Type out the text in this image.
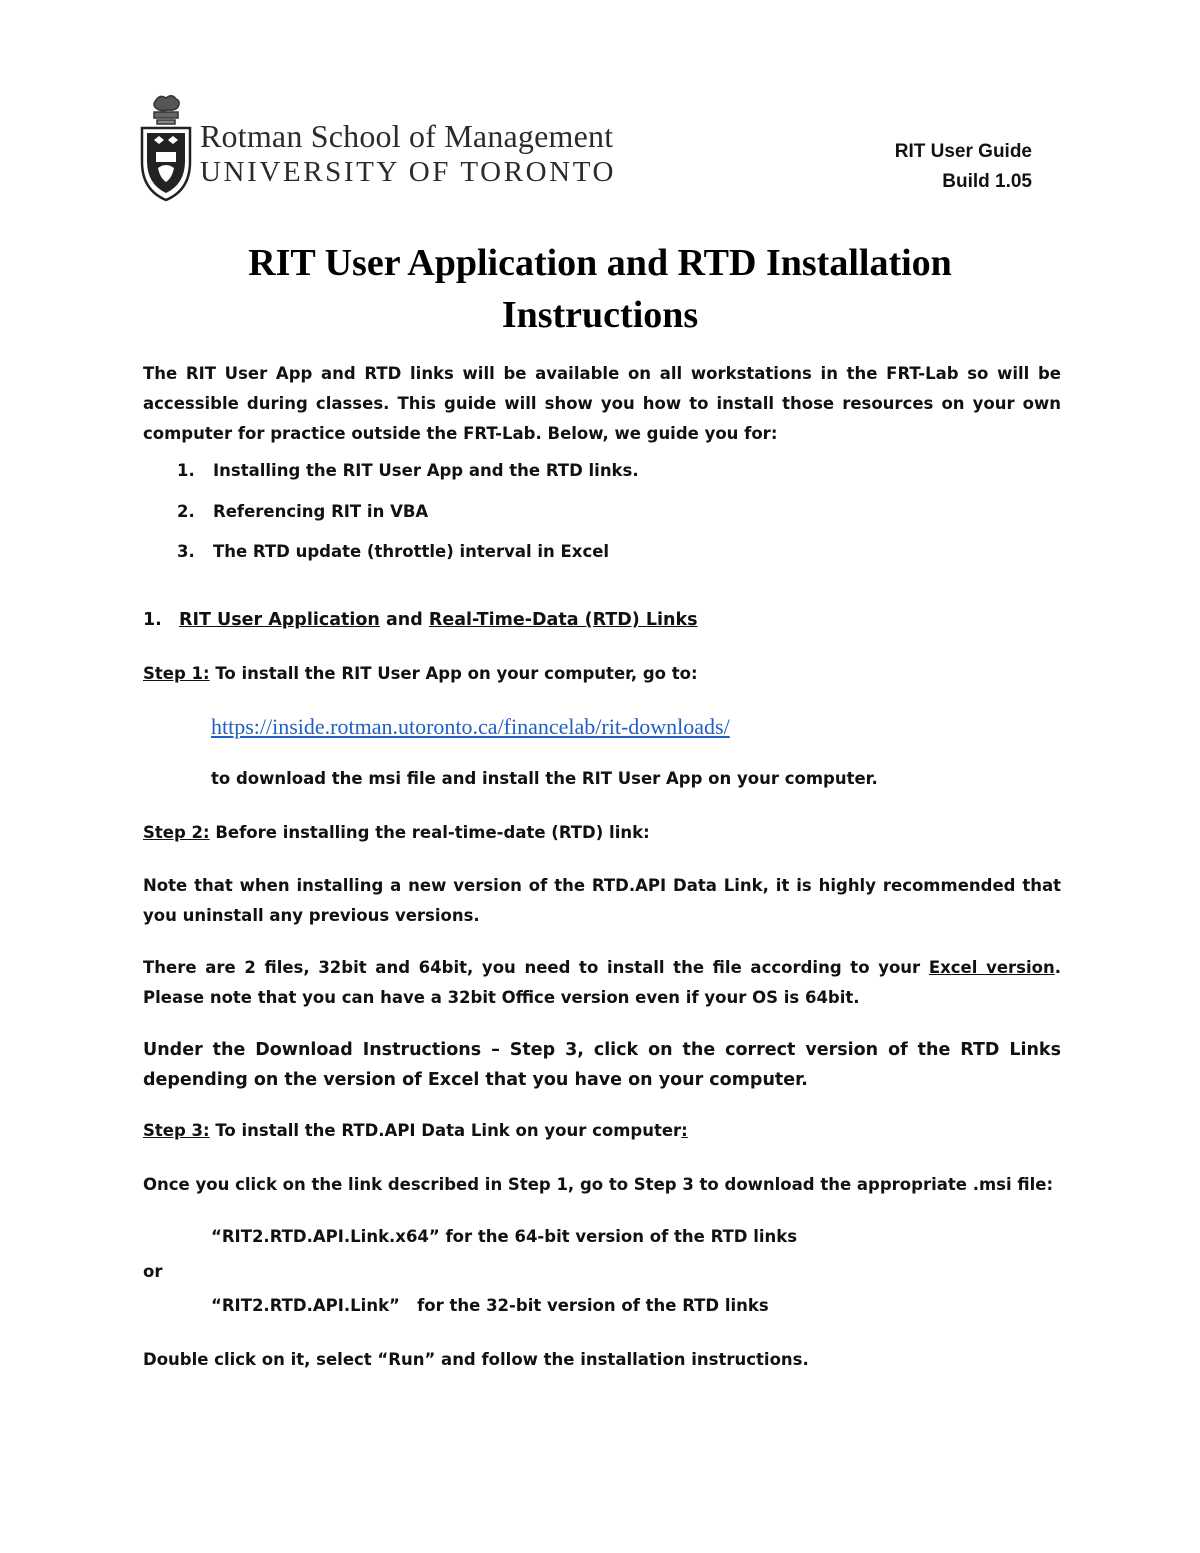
Rotman School of Management
UNIVERSITY OF TORONTO
RIT User Guide
Build 1.05
RIT User Application and RTD Installation
Instructions
The RIT User App and RTD links will be available on all workstations in the FRT-Lab so will be accessible during classes. This guide will show you how to install those resources on your own computer for practice outside the FRT-Lab. Below, we guide you for:
1. Installing the RIT User App and the RTD links.
2. Referencing RIT in VBA
3. The RTD update (throttle) interval in Excel
1. RIT User Application and Real-Time-Data (RTD) Links
Step 1: To install the RIT User App on your computer, go to:
https://inside.rotman.utoronto.ca/financelab/rit-downloads/
to download the msi file and install the RIT User App on your computer.
Step 2: Before installing the real-time-date (RTD) link:
Note that when installing a new version of the RTD.API Data Link, it is highly recommended that you uninstall any previous versions.
There are 2 files, 32bit and 64bit, you need to install the file according to your Excel version. Please note that you can have a 32bit Office version even if your OS is 64bit.
Under the Download Instructions – Step 3, click on the correct version of the RTD Links depending on the version of Excel that you have on your computer.
Step 3: To install the RTD.API Data Link on your computer:
Once you click on the link described in Step 1, go to Step 3 to download the appropriate .msi file:
“RIT2.RTD.API.Link.x64” for the 64-bit version of the RTD links
or
“RIT2.RTD.API.Link”   for the 32-bit version of the RTD links
Double click on it, select “Run” and follow the installation instructions.
